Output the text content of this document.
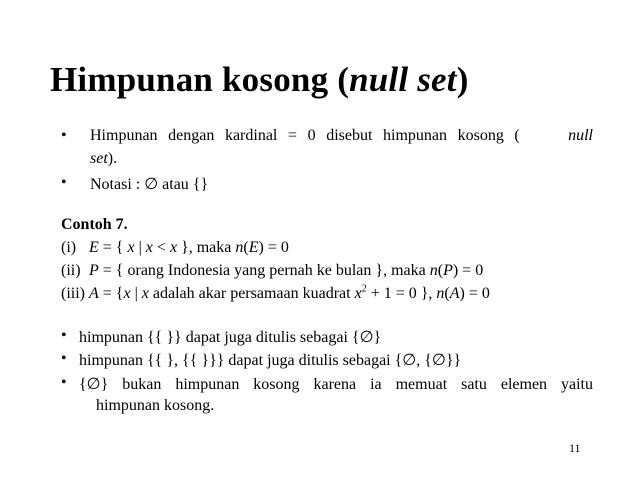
Himpunan kosong (null set)
• Himpunan dengan kardinal = 0 disebut himpunan kosong (	null
set).
• Notasi : ∅ atau {}
Contoh 7.
(i) E = { x | x < x }, maka n(E) = 0
(ii) P = { orang Indonesia yang pernah ke bulan }, maka n(P) = 0
(iii) A = {x | x adalah akar persamaan kuadrat $x^2 + 1 = 0$ }, n(A) = 0
• himpunan {{ }} dapat juga ditulis sebagai {∅}
• himpunan {{ }, {{ }}} dapat juga ditulis sebagai {∅, {∅}}
• {∅} bukan himpunan kosong karena ia memuat satu elemen yaitu
himpunan kosong.
11
